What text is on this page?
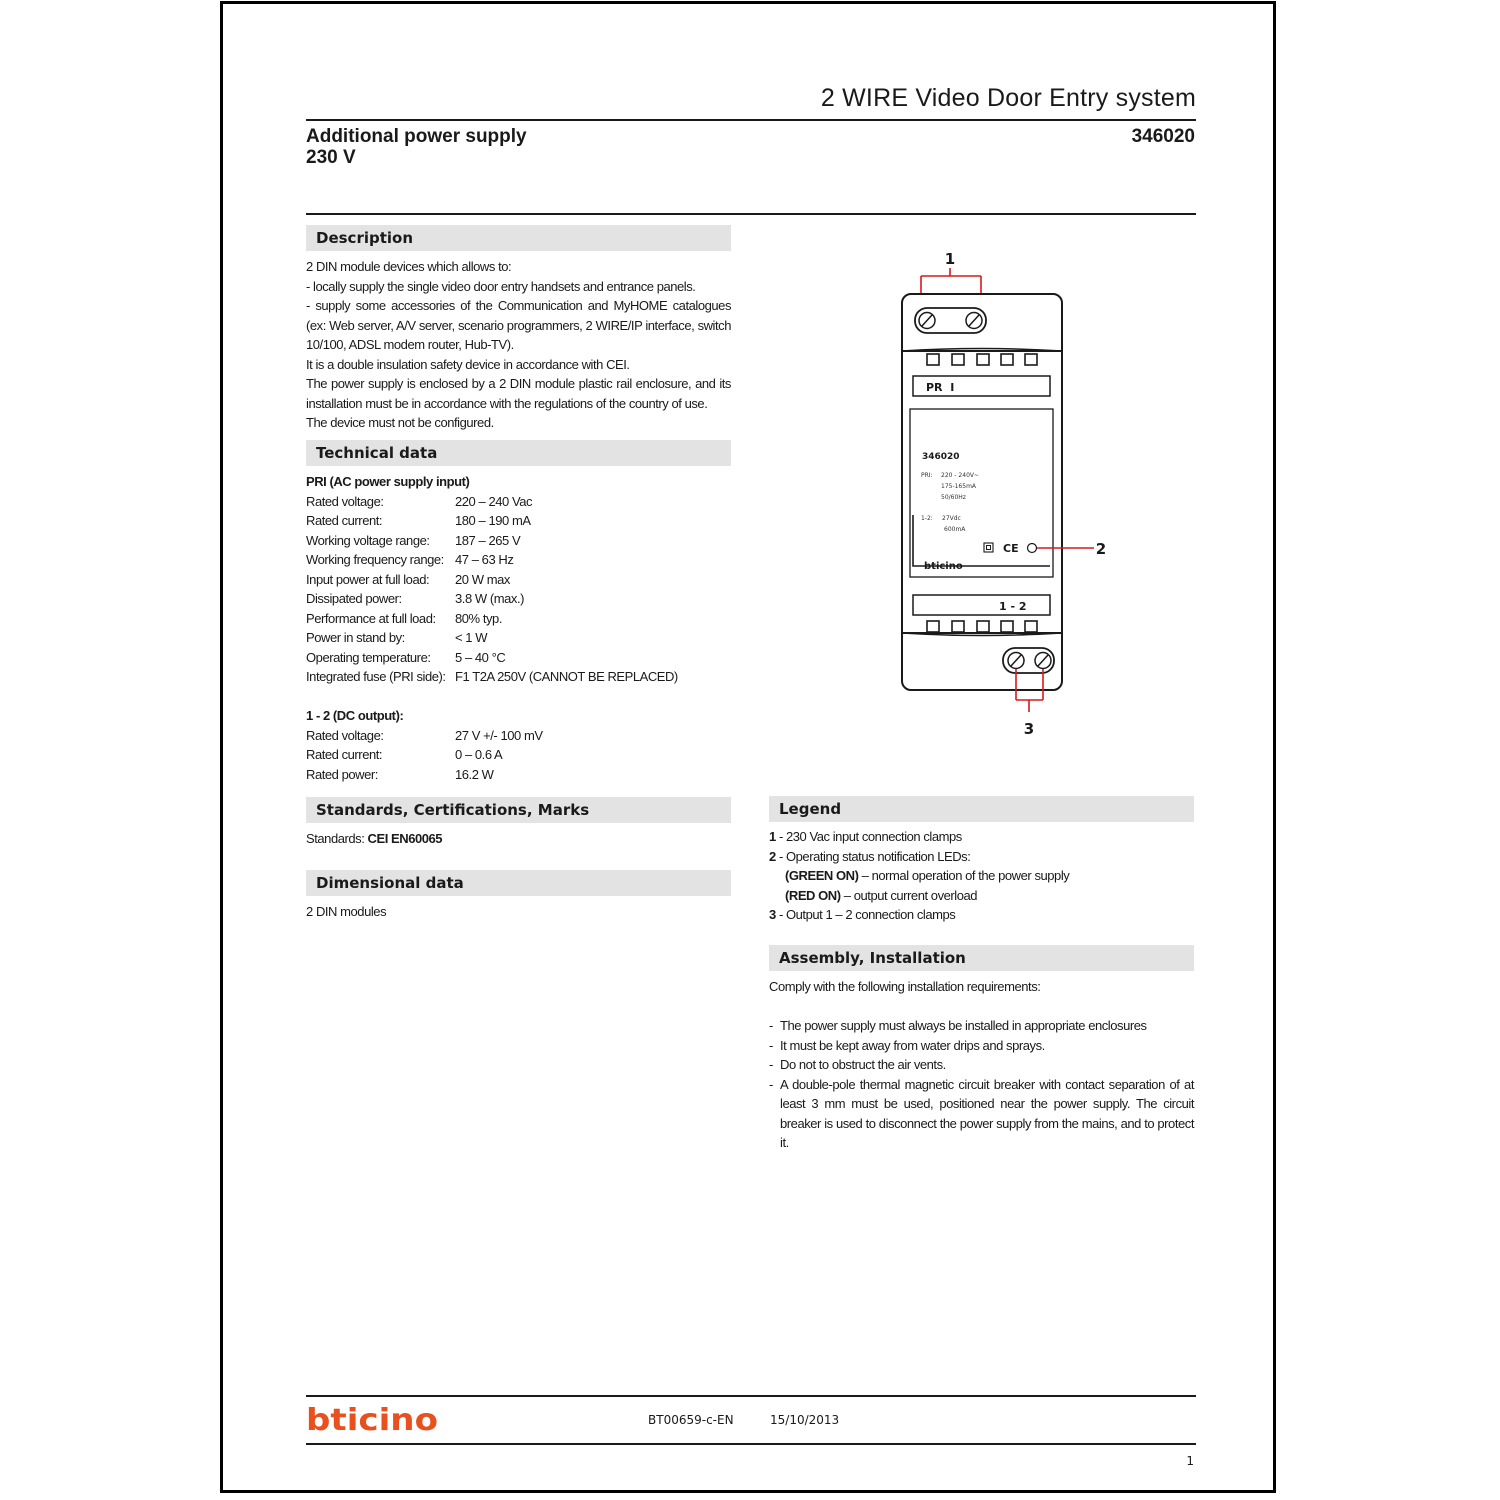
2 WIRE Video Door Entry system
Additional power supply
230 V
346020
Description

2 DIN module devices which allows to:

- locally supply the single video door entry handsets and entrance panels.

- supply some accessories of the Communication and MyHOME catalogues (ex: Web server, A/V server, scenario programmers, 2 WIRE/IP interface, switch 10/100, ADSL modem router, Hub-TV).

It is a double insulation safety device in accordance with CEI.

The power supply is enclosed by a 2 DIN module plastic rail enclosure, and its installation must be in accordance with the regulations of the country of use.

The device must not be configured.

Technical data
PRI (AC power supply input)
Rated voltage:	220 – 240 Vac
Rated current:	180 – 190 mA
Working voltage range: 187 – 265 V
Working frequency range: 47 – 63 Hz
Input power at full load: 20 W max
Dissipated power:	3.8 W (max.)
Performance at full load: 80% typ.
Power in stand by:	< 1 W
Operating temperature: 5 – 40 °C
Integrated fuse (PRI side): F1 T2A 250V (CANNOT BE REPLACED)
1 - 2 (DC output):
Rated voltage:	27 V +/- 100 mV
Rated current:	0 – 0.6 A
Rated power:	16.2 W
Standards, Certifications, Marks
Standards: CEI EN60065
Dimensional data
2 DIN modules
Legend
1 - 230 Vac input connection clamps
2 - Operating status notification LEDs:
(GREEN ON) – normal operation of the power supply
(RED ON) – output current overload
3 - Output 1 – 2 connection clamps
Assembly, Installation

Comply with the following installation requirements:

- The power supply must always be installed in appropriate enclosures
- It must be kept away from water drips and sprays.
- Do not to obstruct the air vents.
- A double-pole thermal magnetic circuit breaker with contact separation of at least 3 mm must be used, positioned near the power supply. The circuit breaker is used to disconnect the power supply from the mains, and to protect it.
1
PR  I
346020
PRI: 220 - 240V~
175-165mA
50/60Hz
1-2: 27Vdc
600mA
CE
bticino
2
1 - 2
3
bticino	BT00659-c-EN	15/10/2013
1
